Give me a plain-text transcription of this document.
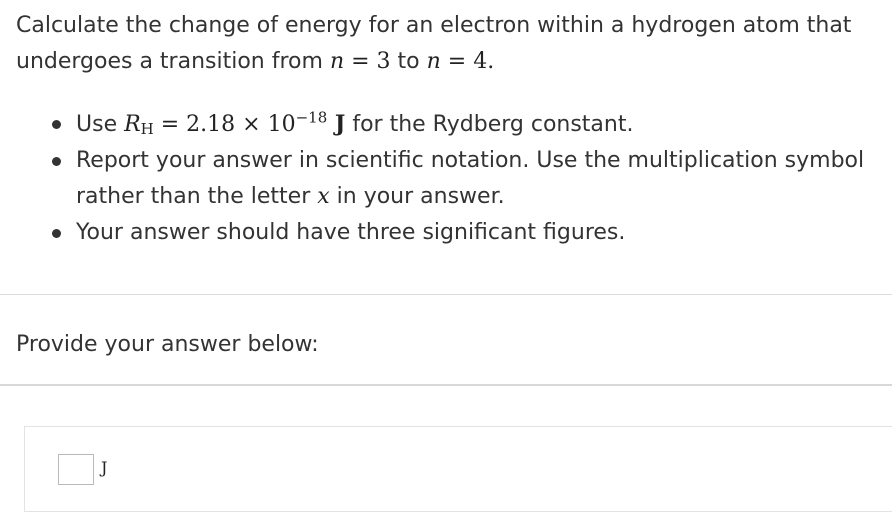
Calculate the change of energy for an electron within a hydrogen atom that

undergoes a transition from n = 3 to n = 4.

Use $R_H = 2.18 \times 10^{-18}$ J for the Rydberg constant.
Report your answer in scientific notation. Use the multiplication symbol rather than the letter x in your answer.
Your answer should have three significant figures.
Provide your answer below:
J
